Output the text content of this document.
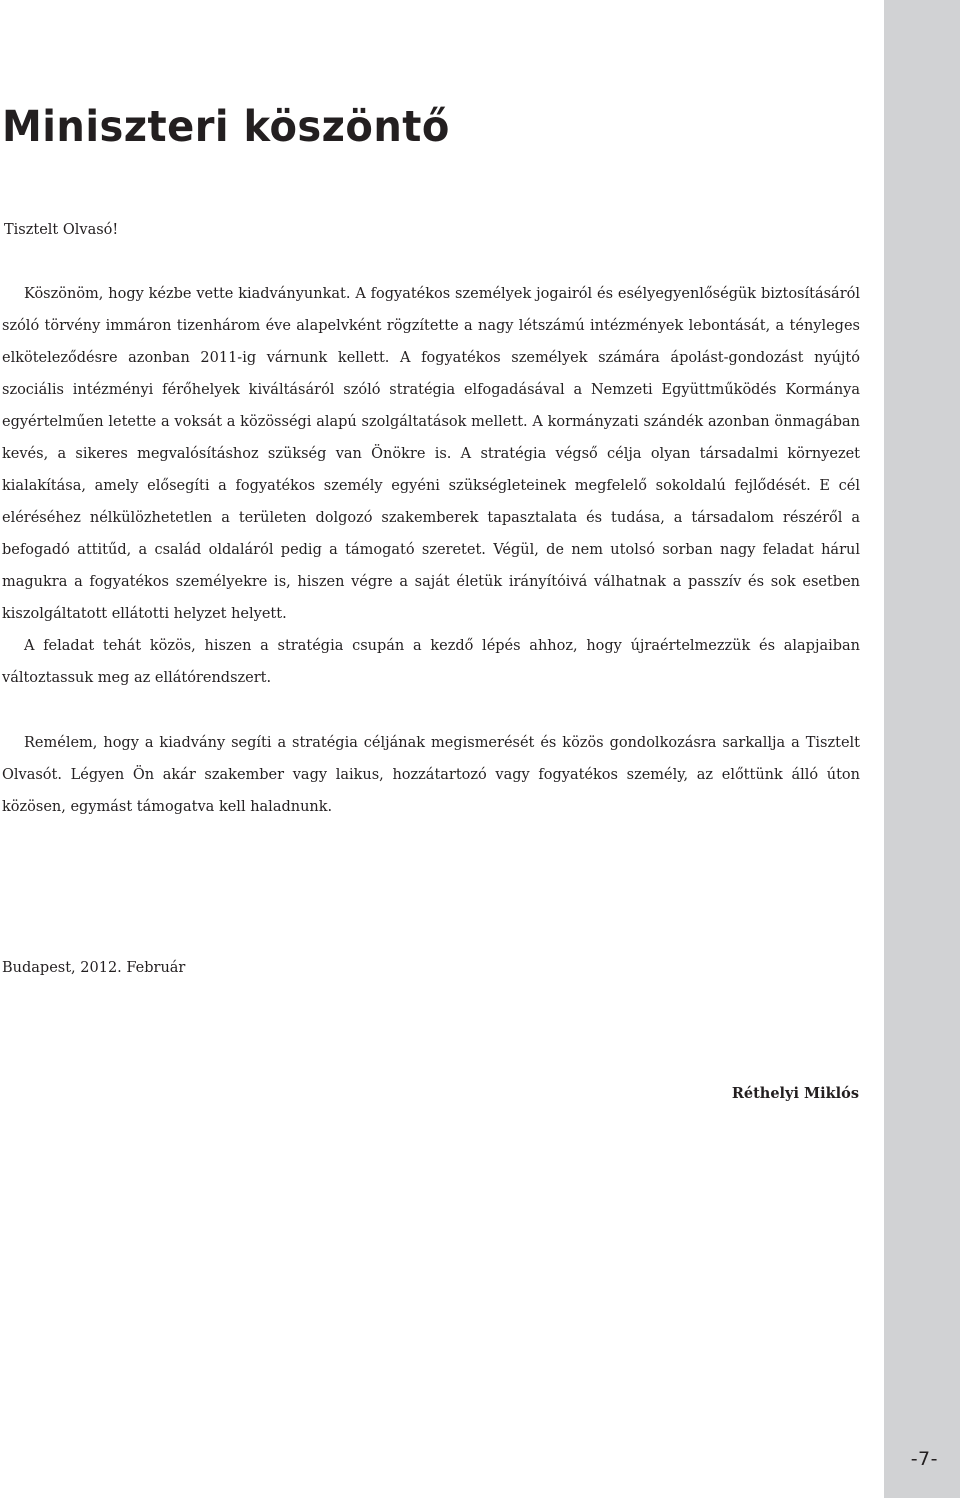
-7-
Miniszteri köszöntő

Tisztelt Olvasó!

Köszönöm, hogy kézbe vette kiadványunkat. A fogyatékos személyek jogairól és esélyegyenlőségük biztosításáról szóló törvény immáron tizenhárom éve alapelvként rögzítette a nagy létszámú intézmények lebontását, a tényleges elköteleződésre azonban 2011-ig várnunk kellett. A fogyatékos személyek számára ápolást-gondozást nyújtó szociális intézményi férőhelyek kiváltásáról szóló stratégia elfogadásával a Nemzeti Együttműködés Kormánya egyértelműen letette a voksát a közösségi alapú szolgáltatások mellett. A kormányzati szándék azonban önmagában kevés, a sikeres megvalósításhoz szükség van Önökre is. A stratégia végső célja olyan társadalmi környezet kialakítása, amely elősegíti a fogyatékos személy egyéni szükségleteinek megfelelő sokoldalú fejlődését. E cél eléréséhez nélkülözhetetlen a területen dolgozó szakemberek tapasztalata és tudása, a társadalom részéről a befogadó attitűd, a család oldaláról pedig a támogató szeretet. Végül, de nem utolsó sorban nagy feladat hárul magukra a fogyatékos személyekre is, hiszen végre a saját életük irányítóivá válhatnak a passzív és sok esetben kiszolgáltatott ellátotti helyzet helyett.

A feladat tehát közös, hiszen a stratégia csupán a kezdő lépés ahhoz, hogy újraértelmezzük és alapjaiban változtassuk meg az ellátórendszert.

Remélem, hogy a kiadvány segíti a stratégia céljának megismerését és közös gondolkozásra sarkallja a Tisztelt Olvasót. Légyen Ön akár szakember vagy laikus, hozzátartozó vagy fogyatékos személy, az előttünk álló úton közösen, egymást támogatva kell haladnunk.

Budapest, 2012. Február

Réthelyi Miklós
